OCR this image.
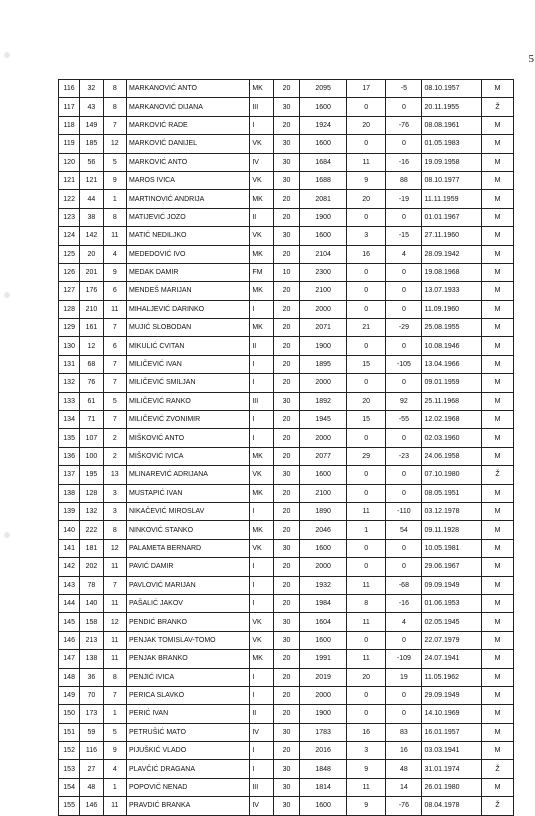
5
116	32	8	MARKANOVIĆ ANTO	MK	20	2095	17	-5	08.10.1957	M
117	43	8	MARKANOVIĆ DIJANA	III	30	1600	0	0	20.11.1955	Ž
118	149	7	MARKOVIĆ RADE	I	20	1924	20	-76	08.08.1961	M
119	185	12	MARKOVIĆ DANIJEL	VK	30	1600	0	0	01.05.1983	M
120	56	5	MARKOVIĆ ANTO	IV	30	1684	11	-16	19.09.1958	M
121	121	9	MAROS IVICA	VK	30	1688	9	88	08.10.1977	M
122	44	1	MARTINOVIĆ ANDRIJA	MK	20	2081	20	-19	11.11.1959	M
123	38	8	MATIJEVIĆ JOZO	II	20	1900	0	0	01.01.1967	M
124	142	11	MATIĆ NEDILJKO	VK	30	1600	3	-15	27.11.1960	M
125	20	4	MEDEDOVIĆ IVO	MK	20	2104	16	4	28.09.1942	M
126	201	9	MEDAK DAMIR	FM	10	2300	0	0	19.08.1968	M
127	176	6	MENDEŠ MARIJAN	MK	20	2100	0	0	13.07.1933	M
128	210	11	MIHALJEVIĆ DARINKO	I	20	2000	0	0	11.09.1960	M
129	161	7	MUJIĆ SLOBODAN	MK	20	2071	21	-29	25.08.1955	M
130	12	6	MIKULIĆ CVITAN	II	20	1900	0	0	10.08.1946	M
131	68	7	MILIČEVIĆ IVAN	I	20	1895	15	-105	13.04.1966	M
132	76	7	MILIČEVIĆ SMILJAN	I	20	2000	0	0	09.01.1959	M
133	61	5	MILIČEVIĆ RANKO	III	30	1892	20	92	25.11.1968	M
134	71	7	MILIČEVIĆ ZVONIMIR	I	20	1945	15	-55	12.02.1968	M
135	107	2	MIŠKOVIĆ ANTO	I	20	2000	0	0	02.03.1960	M
136	100	2	MIŠKOVIĆ IVICA	MK	20	2077	29	-23	24.06.1958	M
137	195	13	MLINAREVIĆ ADRIJANA	VK	30	1600	0	0	07.10.1980	Ž
138	128	3	MUSTAPIĆ IVAN	MK	20	2100	0	0	08.05.1951	M
139	132	3	NIKAČEVIĆ MIROSLAV	I	20	1890	11	-110	03.12.1978	M
140	222	8	NINKOVIĆ STANKO	MK	20	2046	1	54	09.11.1928	M
141	181	12	PALAMETA BERNARD	VK	30	1600	0	0	10.05.1981	M
142	202	11	PAVIĆ DAMIR	I	20	2000	0	0	29.06.1967	M
143	78	7	PAVLOVIĆ MARIJAN	I	20	1932	11	-68	09.09.1949	M
144	140	11	PAŠALIĆ JAKOV	I	20	1984	8	-16	01.06.1953	M
145	158	12	PENDIĆ BRANKO	VK	30	1604	11	4	02.05.1945	M
146	213	11	PENJAK TOMISLAV-TOMO	VK	30	1600	0	0	22.07.1979	M
147	138	11	PENJAK BRANKO	MK	20	1991	11	-109	24.07.1941	M
148	36	8	PENJIĆ IVICA	I	20	2019	20	19	11.05.1962	M
149	70	7	PERICA SLAVKO	I	20	2000	0	0	29.09.1949	M
150	173	1	PERIĆ IVAN	II	20	1900	0	0	14.10.1969	M
151	59	5	PETRUŠIĆ MATO	IV	30	1783	16	83	16.01.1957	M
152	116	9	PIJUŠKIĆ VLADO	I	20	2016	3	16	03.03.1941	M
153	27	4	PLAVČIĆ DRAGANA	I	30	1848	9	48	31.01.1974	Ž
154	48	1	POPOVIĆ NENAD	III	30	1814	11	14	26.01.1980	M
155	146	11	PRAVDIĆ BRANKA	IV	30	1600	9	-76	08.04.1978	Ž
